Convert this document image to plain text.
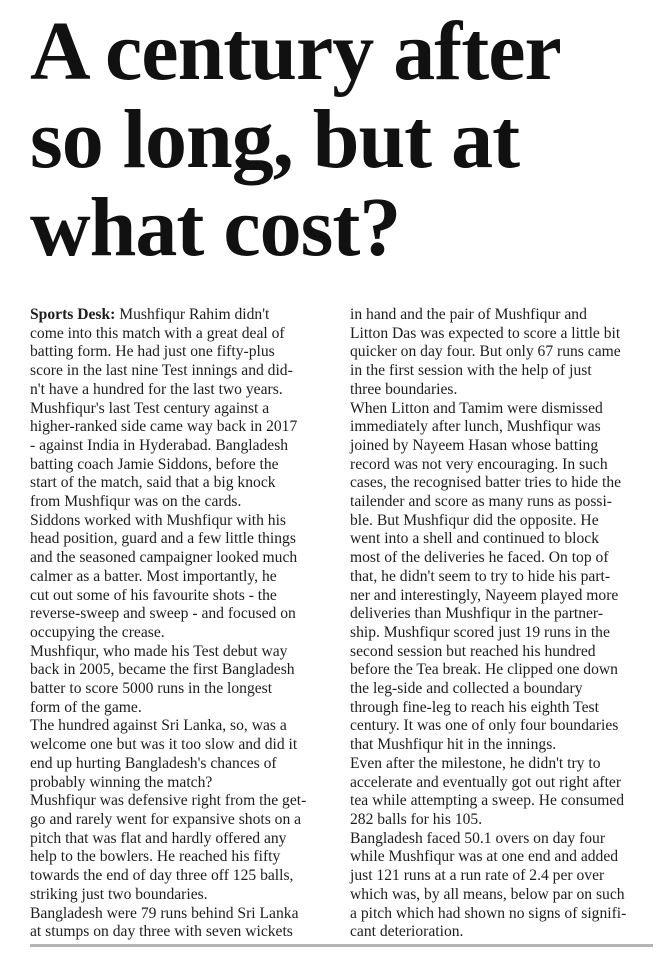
A century after
so long, but at
what cost?

Sports Desk: Mushfiqur Rahim didn't

come into this match with a great deal of
batting form. He had just one fifty-plus
score in the last nine Test innings and did-
n't have a hundred for the last two years.
Mushfiqur's last Test century against a
higher-ranked side came way back in 2017
- against India in Hyderabad. Bangladesh
batting coach Jamie Siddons, before the
start of the match, said that a big knock
from Mushfiqur was on the cards.

Siddons worked with Mushfiqur with his
head position, guard and a few little things
and the seasoned campaigner looked much
calmer as a batter. Most importantly, he
cut out some of his favourite shots - the
reverse-sweep and sweep - and focused on
occupying the crease.

Mushfiqur, who made his Test debut way
back in 2005, became the first Bangladesh
batter to score 5000 runs in the longest
form of the game.

The hundred against Sri Lanka, so, was a
welcome one but was it too slow and did it
end up hurting Bangladesh's chances of
probably winning the match?

Mushfiqur was defensive right from the get-
go and rarely went for expansive shots on a
pitch that was flat and hardly offered any
help to the bowlers. He reached his fifty
towards the end of day three off 125 balls,
striking just two boundaries.

Bangladesh were 79 runs behind Sri Lanka
at stumps on day three with seven wickets

in hand and the pair of Mushfiqur and
Litton Das was expected to score a little bit
quicker on day four. But only 67 runs came
in the first session with the help of just
three boundaries.

When Litton and Tamim were dismissed
immediately after lunch, Mushfiqur was
joined by Nayeem Hasan whose batting
record was not very encouraging. In such
cases, the recognised batter tries to hide the
tailender and score as many runs as possi-
ble. But Mushfiqur did the opposite. He
went into a shell and continued to block
most of the deliveries he faced. On top of
that, he didn't seem to try to hide his part-
ner and interestingly, Nayeem played more
deliveries than Mushfiqur in the partner-
ship. Mushfiqur scored just 19 runs in the
second session but reached his hundred
before the Tea break. He clipped one down
the leg-side and collected a boundary
through fine-leg to reach his eighth Test
century. It was one of only four boundaries
that Mushfiqur hit in the innings.

Even after the milestone, he didn't try to
accelerate and eventually got out right after
tea while attempting a sweep. He consumed
282 balls for his 105.

Bangladesh faced 50.1 overs on day four
while Mushfiqur was at one end and added
just 121 runs at a run rate of 2.4 per over
which was, by all means, below par on such
a pitch which had shown no signs of signifi-
cant deterioration.
